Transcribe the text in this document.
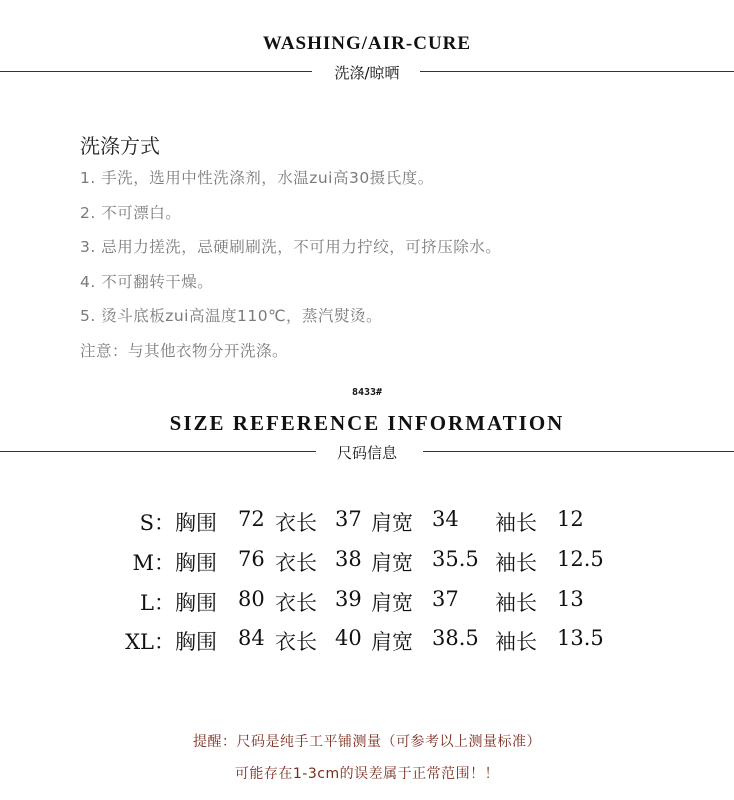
WASHING/AIR-CURE
洗涤/晾晒
洗涤方式
1. 手洗，选用中性洗涤剂，水温zui高30摄氏度。
2. 不可漂白。
3. 忌用力搓洗，忌硬刷刷洗，不可用力拧绞，可挤压除水。
4. 不可翻转干燥。
5. 烫斗底板zui高温度110℃，蒸汽熨烫。
注意：与其他衣物分开洗涤。
8433#
SIZE REFERENCE INFORMATION
尺码信息
S： 胸围 72 衣长 37 肩宽 34 袖长 12
M： 胸围 76 衣长 38 肩宽 35.5 袖长 12.5
L： 胸围 80 衣长 39 肩宽 37 袖长 13
XL： 胸围 84 衣长 40 肩宽 38.5 袖长 13.5
提醒：尺码是纯手工平铺测量（可参考以上测量标准）
可能存在1-3cm的误差属于正常范围！！
